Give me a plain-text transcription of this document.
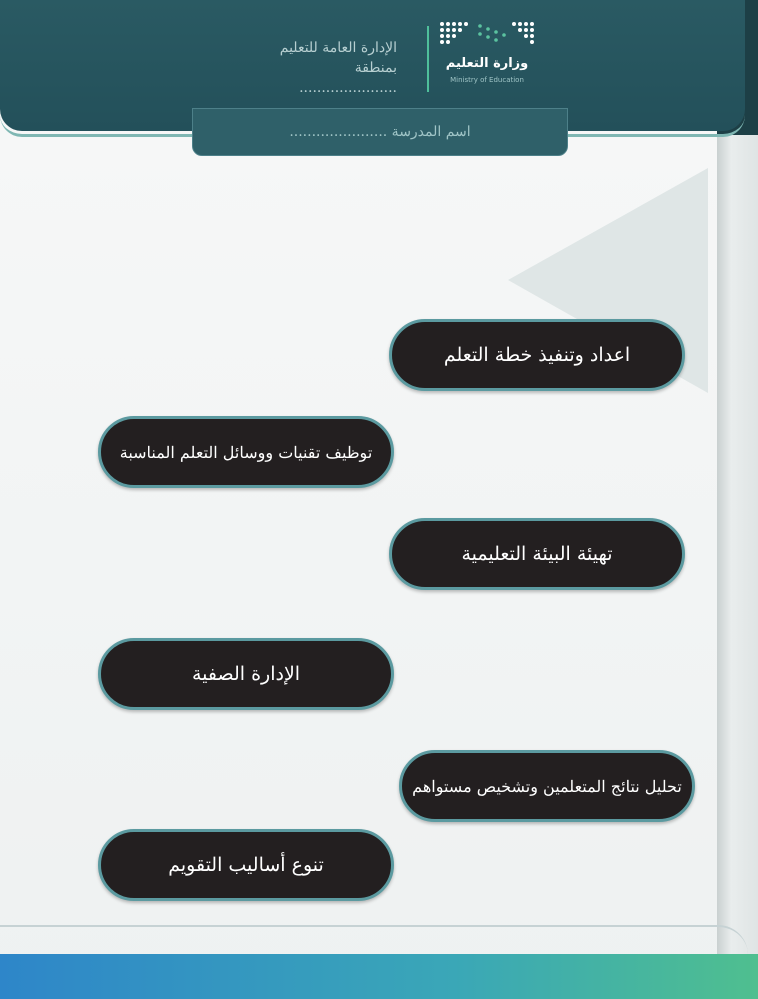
الإدارة العامة للتعليم
بمنطقة ......................
وزارة التعليم
Ministry of Education
اسم المدرسة ......................
اعداد وتنفيذ خطة التعلم
توظيف تقنيات ووسائل التعلم المناسبة
تهيئة البيئة التعليمية
الإدارة الصفية
تحليل نتائج المتعلمين وتشخيص مستواهم
تنوع أساليب التقويم
